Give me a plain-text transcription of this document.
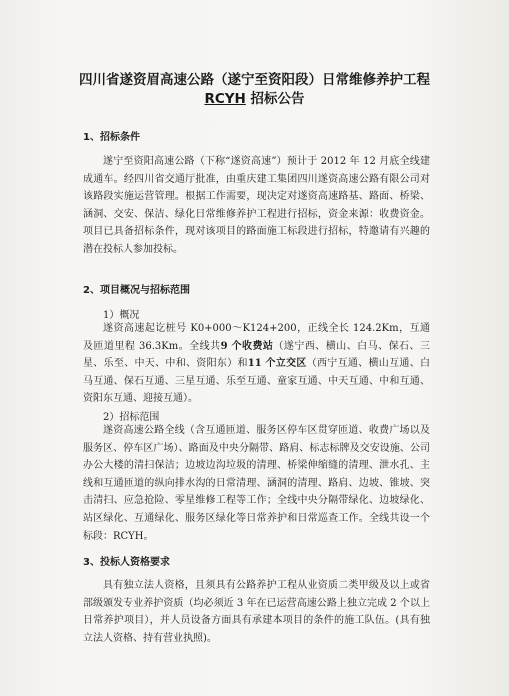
四川省遂资眉高速公路（遂宁至资阳段）日常维修养护工程
RCYH 招标公告
1、招标条件

遂宁至资阳高速公路（下称“遂资高速”）预计于 2012 年 12 月底全线建成通车。经四川省交通厅批准，由重庆建工集团四川遂资高速公路有限公司对该路段实施运营管理。根据工作需要，现决定对遂资高速路基、路面、桥梁、涵洞、交安、保洁、绿化日常维修养护工程进行招标，资金来源：收费资金。项目已具备招标条件，现对该项目的路面施工标段进行招标，特邀请有兴趣的潜在投标人参加投标。

2、项目概况与招标范围
1）概况

遂资高速起讫桩号 K0+000～K124+200，正线全长 124.2Km，互通及匝道里程 36.3Km。全线共9 个收费站（遂宁西、横山、白马、保石、三星、乐至、中天、中和、资阳东）和11 个立交区（西宁互通、横山互通、白马互通、保石互通、三星互通、乐至互通、童家互通、中天互通、中和互通、资阳东互通、迎接互通）。

2）招标范围

遂资高速公路全线（含互通匝道、服务区停车区贯穿匝道、收费广场以及服务区、停车区广场）、路面及中央分隔带、路肩、标志标牌及交安设施、公司办公大楼的清扫保洁；边坡边沟垃圾的清理、桥梁伸缩缝的清理、泄水孔、主线和互通匝道的纵向排水沟的日常清理、涵洞的清理、路肩、边坡、锥坡、突击清扫、应急抢险、零星维修工程等工作；全线中央分隔带绿化、边坡绿化、站区绿化、互通绿化、服务区绿化等日常养护和日常巡查工作。全线共设一个标段：RCYH。

3、投标人资格要求

具有独立法人资格，且须具有公路养护工程从业资质二类甲级及以上或省部级颁发专业养护资质（均必须近 3 年在已运营高速公路上独立完成 2 个以上日常养护项目），并人员设备方面具有承建本项目的条件的施工队伍。(具有独立法人资格、持有营业执照)。
